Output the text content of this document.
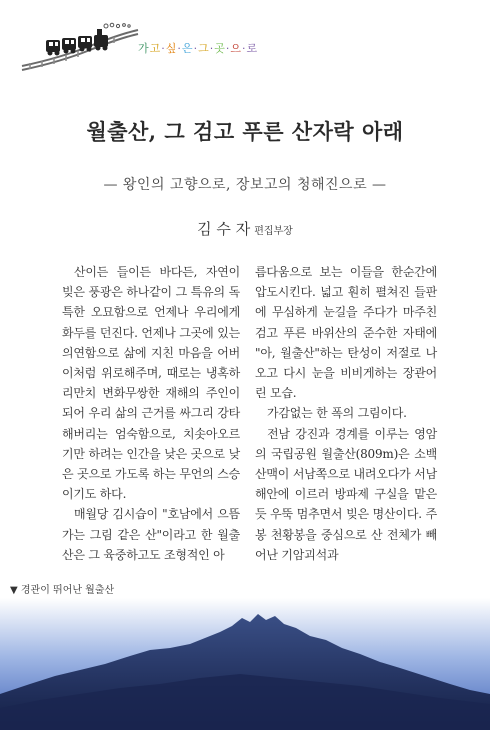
가고·싶·은·그·곳·으·로
월출산, 그 검고 푸른 산자락 아래
— 왕인의 고향으로, 장보고의 청해진으로 —
김 수 자 편집부장

산이든 들이든 바다든, 자연이 빚은 풍광은 하나같이 그 특유의 독특한 오묘함으로 언제나 우리에게 화두를 던진다. 언제나 그곳에 있는 의연함으로 삶에 지친 마음을 어버이처럼 위로해주며, 때로는 냉혹하리만치 변화무쌍한 재해의 주인이 되어 우리 삶의 근거를 싸그리 강타해버리는 엄숙함으로, 치솟아오르기만 하려는 인간을 낮은 곳으로 낮은 곳으로 가도록 하는 무언의 스승이기도 하다.

매월당 김시습이 "호남에서 으뜸가는 그림 같은 산"이라고 한 월출산은 그 육중하고도 조형적인 아

름다움으로 보는 이들을 한순간에 압도시킨다. 넓고 훤히 펼쳐진 들판에 무심하게 눈길을 주다가 마주친 검고 푸른 바위산의 준수한 자태에 "아, 월출산"하는 탄성이 저절로 나오고 다시 눈을 비비게하는 장관어린 모습.

가감없는 한 폭의 그림이다.

전남 강진과 경계를 이루는 영암의 국립공원 월출산(809m)은 소백산맥이 서남쪽으로 내려오다가 서남 해안에 이르러 방파제 구실을 맡은 듯 우뚝 멈추면서 빚은 명산이다. 주봉 천황봉을 중심으로 산 전체가 빼어난 기암괴석과

▼ 경관이 뛰어난 월출산
